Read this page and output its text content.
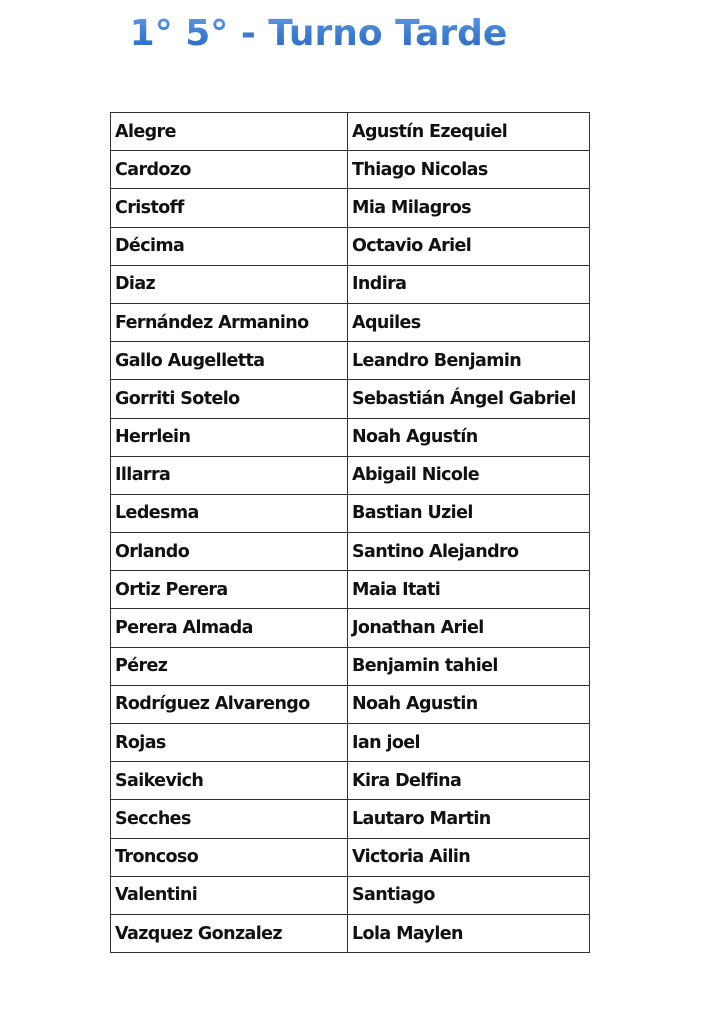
1° 5° - Turno Tarde
Alegre	Agustín Ezequiel
Cardozo	Thiago Nicolas
Cristoff	Mia Milagros
Décima	Octavio Ariel
Diaz	Indira
Fernández Armanino	Aquiles
Gallo Augelletta	Leandro Benjamin
Gorriti Sotelo	Sebastián Ángel Gabriel
Herrlein	Noah Agustín
Illarra	Abigail Nicole
Ledesma	Bastian Uziel
Orlando	Santino Alejandro
Ortiz Perera	Maia Itati
Perera Almada	Jonathan Ariel
Pérez	Benjamin tahiel
Rodríguez Alvarengo	Noah Agustin
Rojas	Ian joel
Saikevich	Kira Delfina
Secches	Lautaro Martin
Troncoso	Victoria Ailin
Valentini	Santiago
Vazquez Gonzalez	Lola Maylen
